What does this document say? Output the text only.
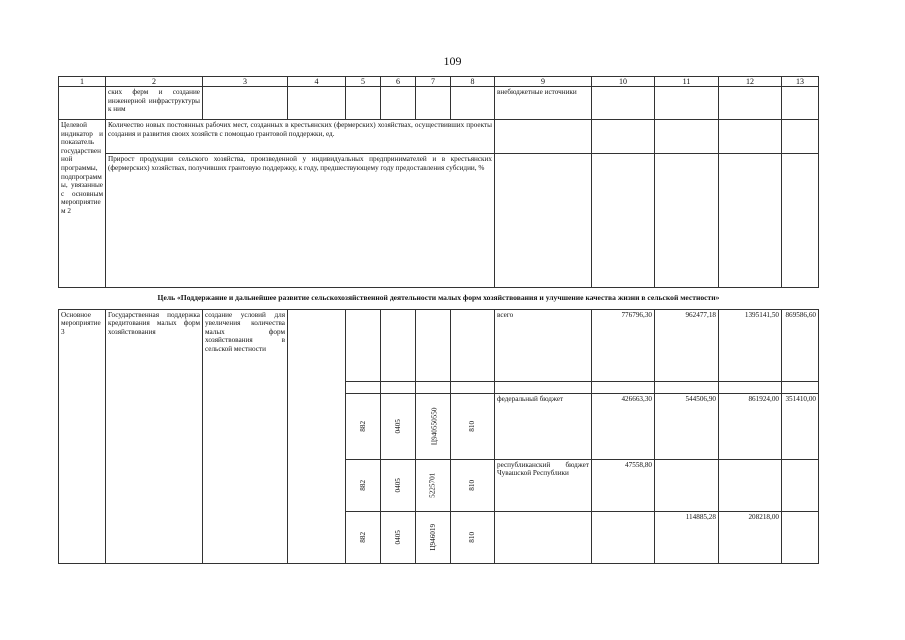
109
1	2	3	4	5	6	7	8	9	10	11	12	13
	ских ферм и создание инженерной инфраструктуры к ним							внебюджетные источники				
Целевой индикатор и показатель государственной программы, подпрограммы, увязанные с основным мероприятием 2	Количество новых постоянных рабочих мест, созданных в крестьянских (фермерских) хозяйствах, осуществивших проекты создания и развития своих хозяйств с помощью грантовой поддержки, ед.											
	Прирост продукции сельского хозяйства, произведенной у индивидуальных предпринимателей и в крестьянских (фермерских) хозяйствах, получивших грантовую поддержку, к году, предшествующему году предоставления субсидии, %											
Цель «Поддержание и дальнейшее развитие сельскохозяйственной деятельности малых форм хозяйствования и улучшение качества жизни в сельской местности»												
Основное мероприятие 3	Государственная поддержка кредитования малых форм хозяйствования	создание условий для увеличения количества малых форм хозяйствования в сельской местности						всего	776796,30	962477,18	1395141,50	869586,60

				882	0405	Ц940550550	810	федеральный бюджет	426663,30	544506,90	861924,00	351410,00
				882	0405	5225701	810	республиканский бюджет Чувашской Республики	47558,80			
				882	0405	Ц946019	810			114885,28	208218,00	
